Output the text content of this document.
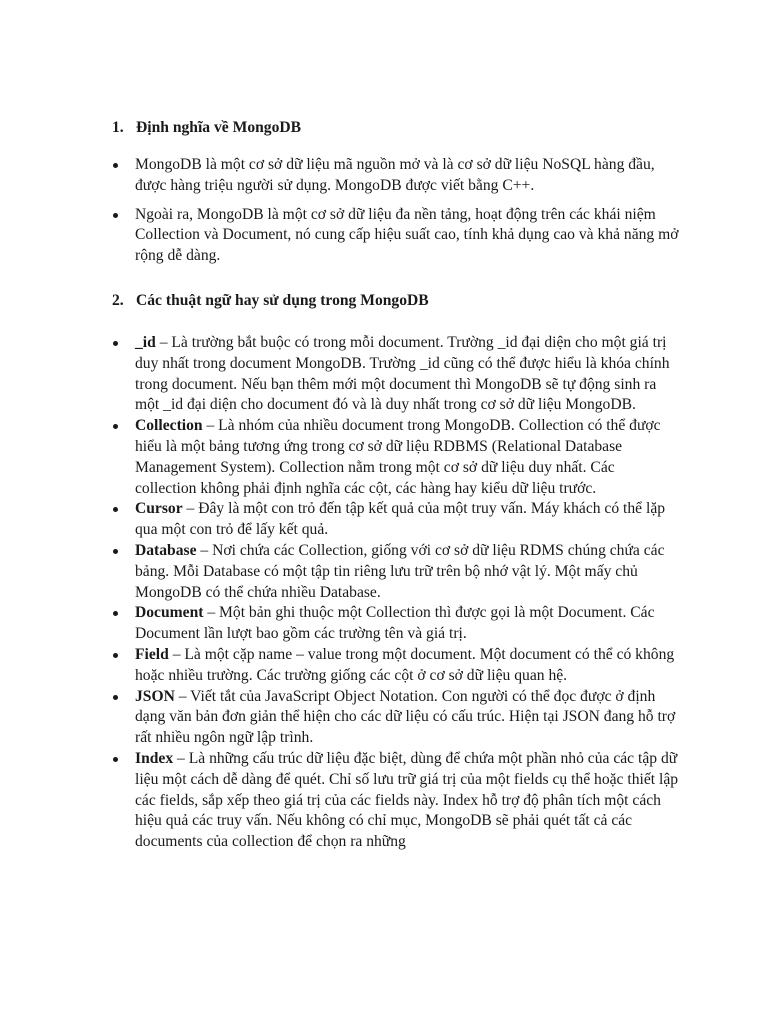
1. Định nghĩa về MongoDB
MongoDB là một cơ sở dữ liệu mã nguồn mở và là cơ sở dữ liệu NoSQL hàng đầu, được hàng triệu người sử dụng. MongoDB được viết bằng C++.
Ngoài ra, MongoDB là một cơ sở dữ liệu đa nền tảng, hoạt động trên các khái niệm Collection và Document, nó cung cấp hiệu suất cao, tính khả dụng cao và khả năng mở rộng dễ dàng.
2. Các thuật ngữ hay sử dụng trong MongoDB
_id – Là trường bắt buộc có trong mỗi document. Trường _id đại diện cho một giá trị duy nhất trong document MongoDB. Trường _id cũng có thể được hiểu là khóa chính trong document. Nếu bạn thêm mới một document thì MongoDB sẽ tự động sinh ra một _id đại diện cho document đó và là duy nhất trong cơ sở dữ liệu MongoDB.
Collection – Là nhóm của nhiều document trong MongoDB. Collection có thể được hiểu là một bảng tương ứng trong cơ sở dữ liệu RDBMS (Relational Database Management System). Collection nằm trong một cơ sở dữ liệu duy nhất. Các collection không phải định nghĩa các cột, các hàng hay kiểu dữ liệu trước.
Cursor – Đây là một con trỏ đến tập kết quả của một truy vấn. Máy khách có thể lặp qua một con trỏ để lấy kết quả.
Database – Nơi chứa các Collection, giống với cơ sở dữ liệu RDMS chúng chứa các bảng. Mỗi Database có một tập tin riêng lưu trữ trên bộ nhớ vật lý. Một mấy chủ MongoDB có thể chứa nhiều Database.
Document – Một bản ghi thuộc một Collection thì được gọi là một Document. Các Document lần lượt bao gồm các trường tên và giá trị.
Field – Là một cặp name – value trong một document. Một document có thể có không hoặc nhiều trường. Các trường giống các cột ở cơ sở dữ liệu quan hệ.
JSON – Viết tắt của JavaScript Object Notation. Con người có thể đọc được ở định dạng văn bản đơn giản thể hiện cho các dữ liệu có cấu trúc. Hiện tại JSON đang hỗ trợ rất nhiều ngôn ngữ lập trình.
Index – Là những cấu trúc dữ liệu đặc biệt, dùng để chứa một phần nhỏ của các tập dữ liệu một cách dễ dàng để quét. Chỉ số lưu trữ giá trị của một fields cụ thể hoặc thiết lập các fields, sắp xếp theo giá trị của các fields này. Index hỗ trợ độ phân tích một cách hiệu quả các truy vấn. Nếu không có chỉ mục, MongoDB sẽ phải quét tất cả các documents của collection để chọn ra những
